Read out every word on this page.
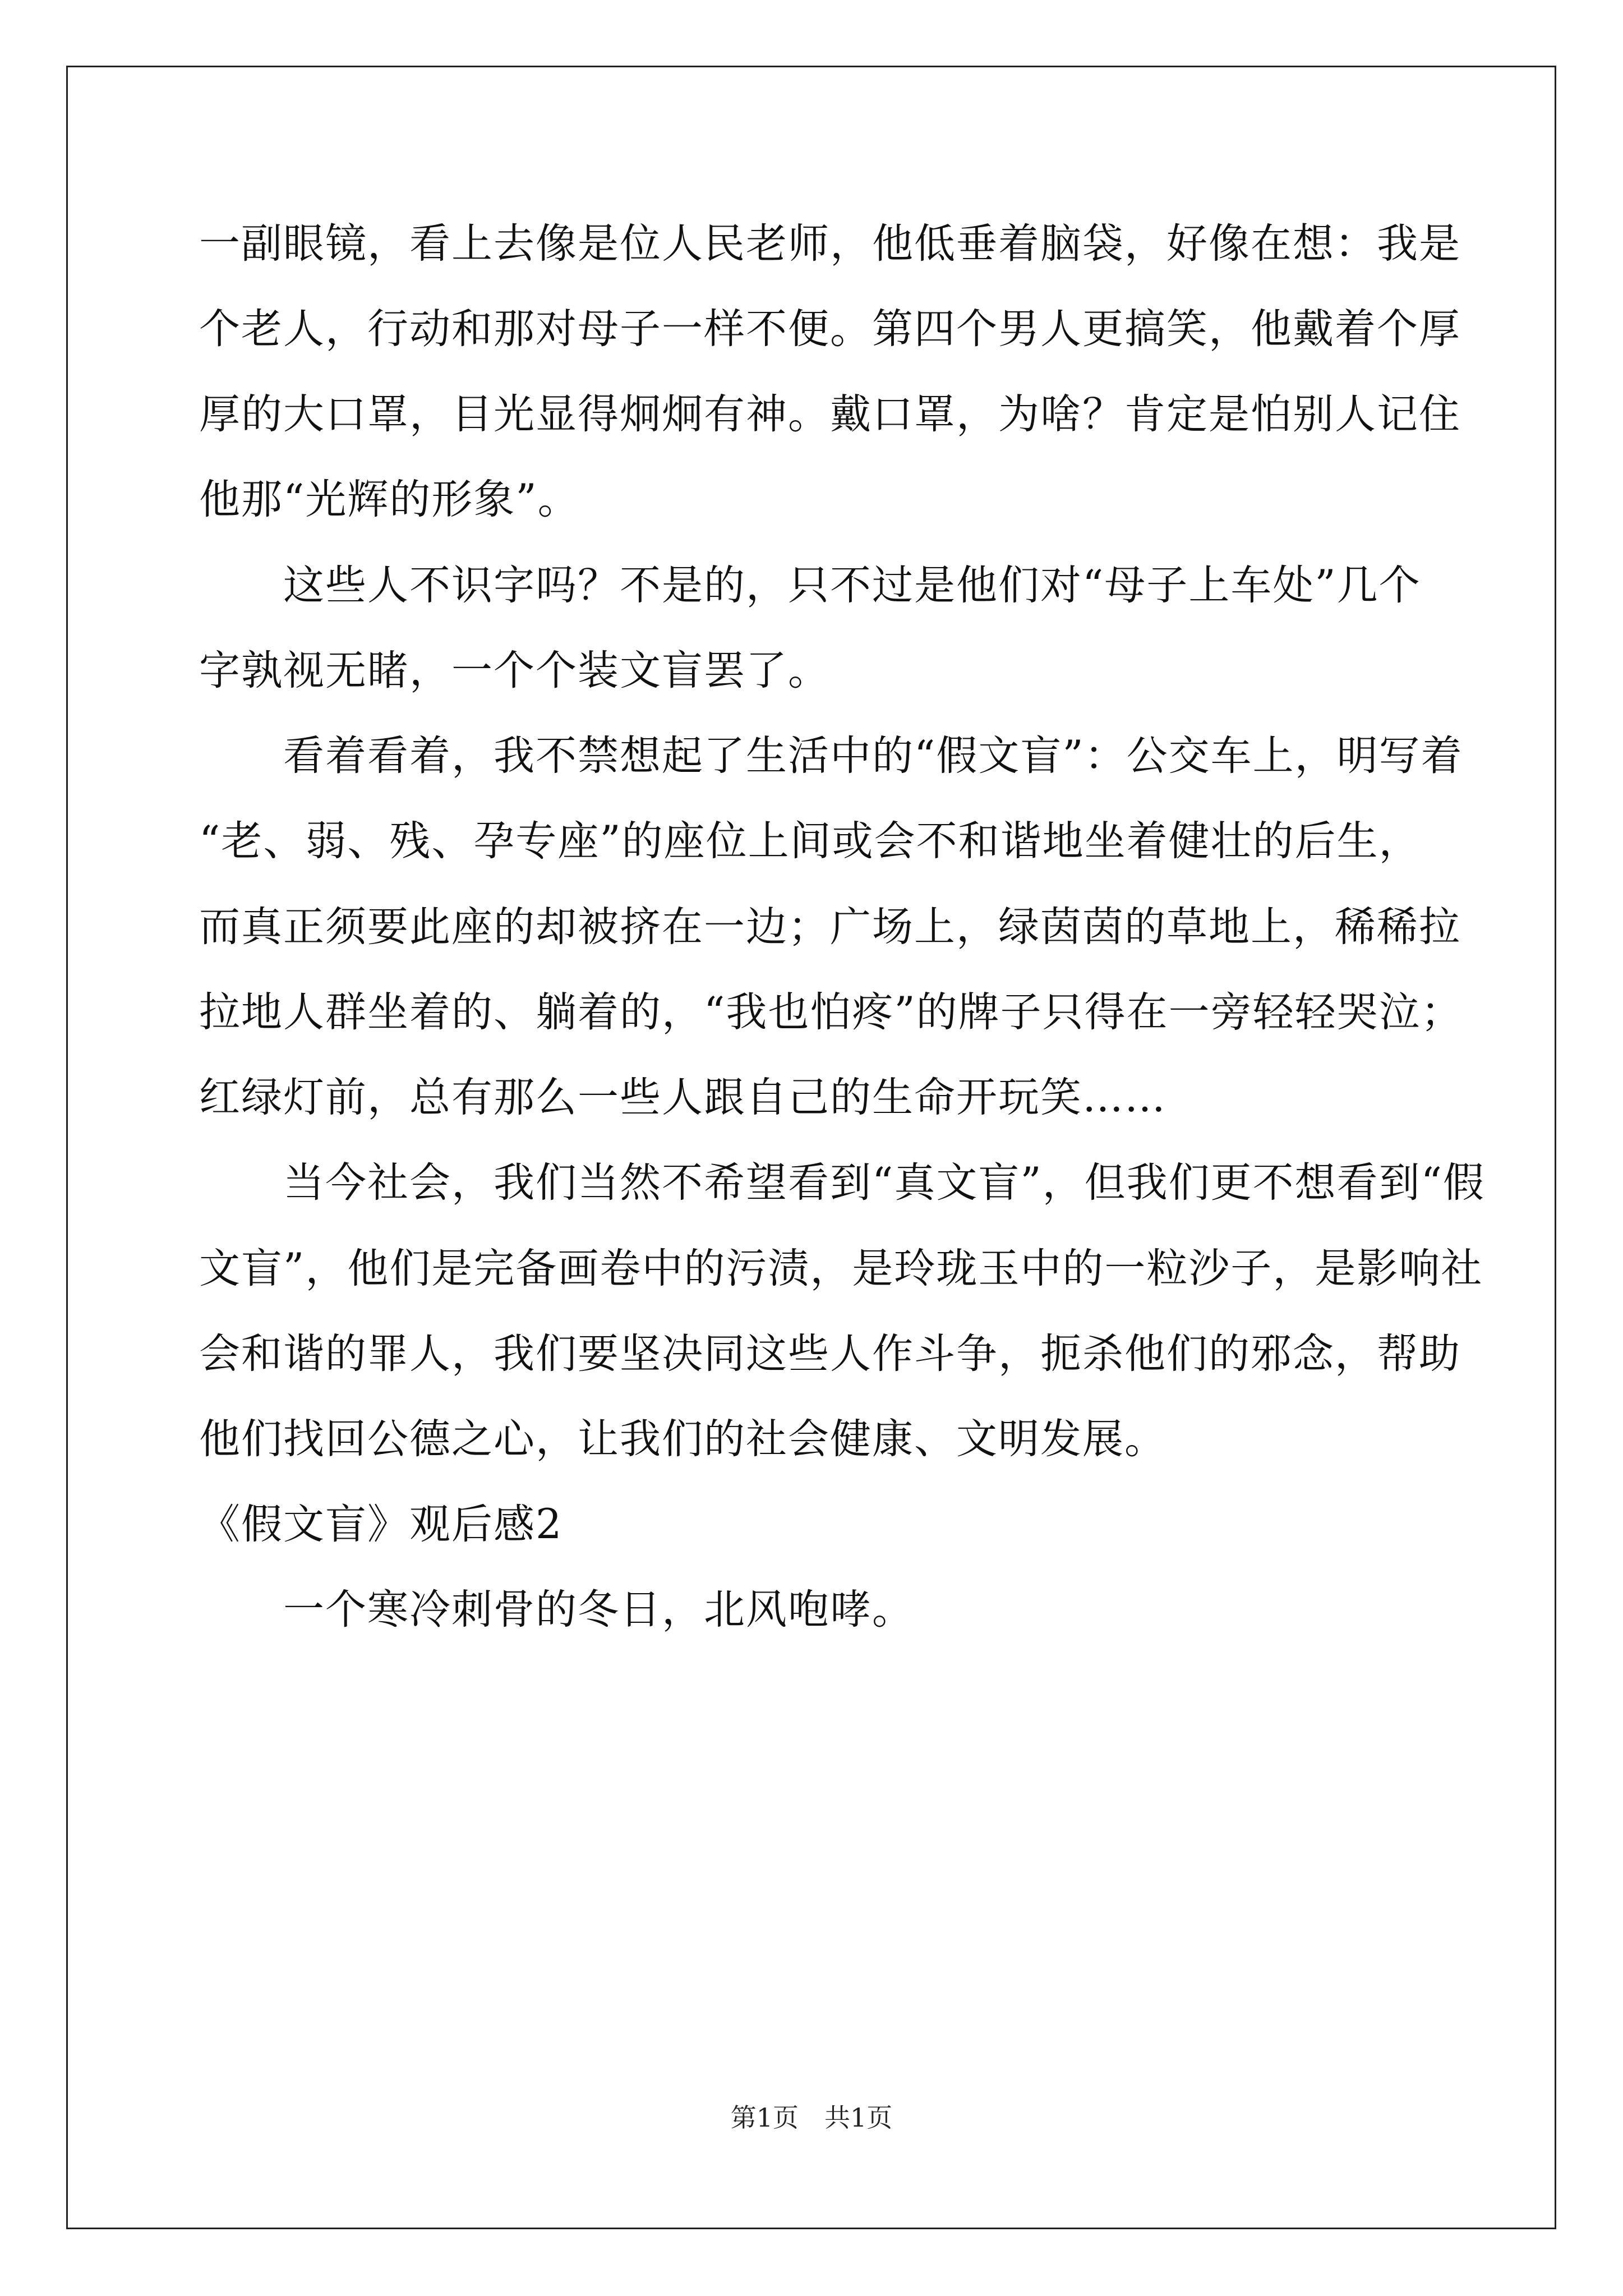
一副眼镜，看上去像是位人民老师，他低垂着脑袋，好像在想：我是
个老人，行动和那对母子一样不便。第四个男人更搞笑，他戴着个厚
厚的大口罩，目光显得炯炯有神。戴口罩，为啥？肯定是怕别人记住
他那“光辉的形象”。
这些人不识字吗？不是的，只不过是他们对“母子上车处”几个
字孰视无睹，一个个装文盲罢了。
看着看着，我不禁想起了生活中的“假文盲”：公交车上，明写着
“老、弱、残、孕专座”的座位上间或会不和谐地坐着健壮的后生，
而真正须要此座的却被挤在一边；广场上，绿茵茵的草地上，稀稀拉
拉地人群坐着的、躺着的，“我也怕疼”的牌子只得在一旁轻轻哭泣；
红绿灯前，总有那么一些人跟自己的生命开玩笑……
当今社会，我们当然不希望看到“真文盲”，但我们更不想看到“假
文盲”，他们是完备画卷中的污渍，是玲珑玉中的一粒沙子，是影响社
会和谐的罪人，我们要坚决同这些人作斗争，扼杀他们的邪念，帮助
他们找回公德之心，让我们的社会健康、文明发展。
《假文盲》观后感2
一个寒冷刺骨的冬日，北风咆哮。
第1页　共1页
